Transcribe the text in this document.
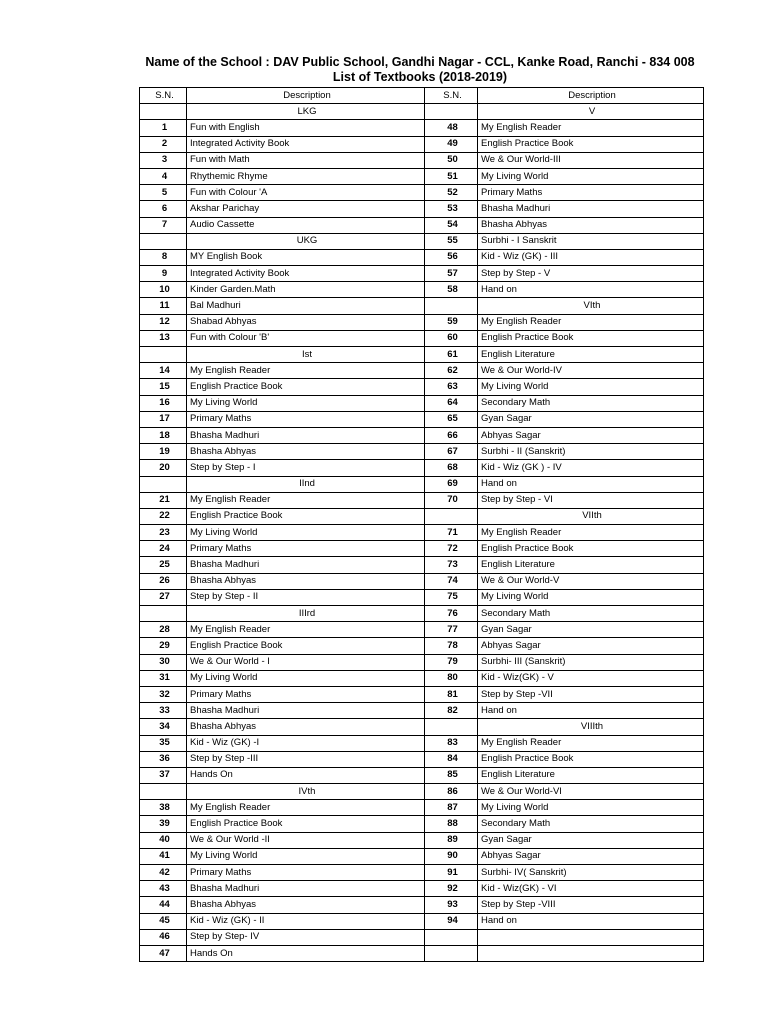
Name of the School : DAV Public School, Gandhi Nagar - CCL, Kanke Road, Ranchi - 834 008
List of Textbooks (2018-2019)
S.N.	Description	S.N.	Description
	LKG		V
1	Fun with English	48	My English Reader
2	Integrated Activity Book	49	English Practice Book
3	Fun with Math	50	We & Our World-III
4	Rhythemic Rhyme	51	My Living World
5	Fun with Colour 'A	52	Primary Maths
6	Akshar Parichay	53	Bhasha Madhuri
7	Audio Cassette	54	Bhasha Abhyas
	UKG	55	Surbhi - I Sanskrit
8	MY English Book	56	Kid - Wiz (GK) - III
9	Integrated Activity Book	57	Step by Step - V
10	Kinder Garden.Math	58	Hand on
11	Bal Madhuri		VIth
12	Shabad Abhyas	59	My English Reader
13	Fun with Colour 'B'	60	English Practice Book
	Ist	61	English Literature
14	My English Reader	62	We & Our World-IV
15	English Practice Book	63	My Living World
16	My Living World	64	Secondary Math
17	Primary Maths	65	Gyan Sagar
18	Bhasha Madhuri	66	Abhyas Sagar
19	Bhasha Abhyas	67	Surbhi - II (Sanskrit)
20	Step by Step - I	68	Kid - Wiz (GK ) - IV
	IInd	69	Hand on
21	My English Reader	70	Step by Step - VI
22	English Practice Book		VIIth
23	My Living World	71	My English Reader
24	Primary Maths	72	English Practice Book
25	Bhasha Madhuri	73	English Literature
26	Bhasha Abhyas	74	We & Our World-V
27	Step by Step - II	75	My Living World
	IIIrd	76	Secondary Math
28	My English Reader	77	Gyan Sagar
29	English Practice Book	78	Abhyas Sagar
30	We & Our World - I	79	Surbhi- III (Sanskrit)
31	My Living World	80	Kid - Wiz(GK) - V
32	Primary Maths	81	Step by Step -VII
33	Bhasha Madhuri	82	Hand on
34	Bhasha Abhyas		VIIIth
35	Kid - Wiz (GK) -I	83	My English Reader
36	Step by Step -III	84	English Practice Book
37	Hands On	85	English Literature
	IVth	86	We & Our World-VI
38	My English Reader	87	My Living World
39	English Practice Book	88	Secondary Math
40	We & Our World -II	89	Gyan Sagar
41	My Living World	90	Abhyas Sagar
42	Primary Maths	91	Surbhi- IV( Sanskrit)
43	Bhasha Madhuri	92	Kid - Wiz(GK) - VI
44	Bhasha Abhyas	93	Step by Step -VIII
45	Kid - Wiz (GK) - II	94	Hand on
46	Step by Step- IV		
47	Hands On		
